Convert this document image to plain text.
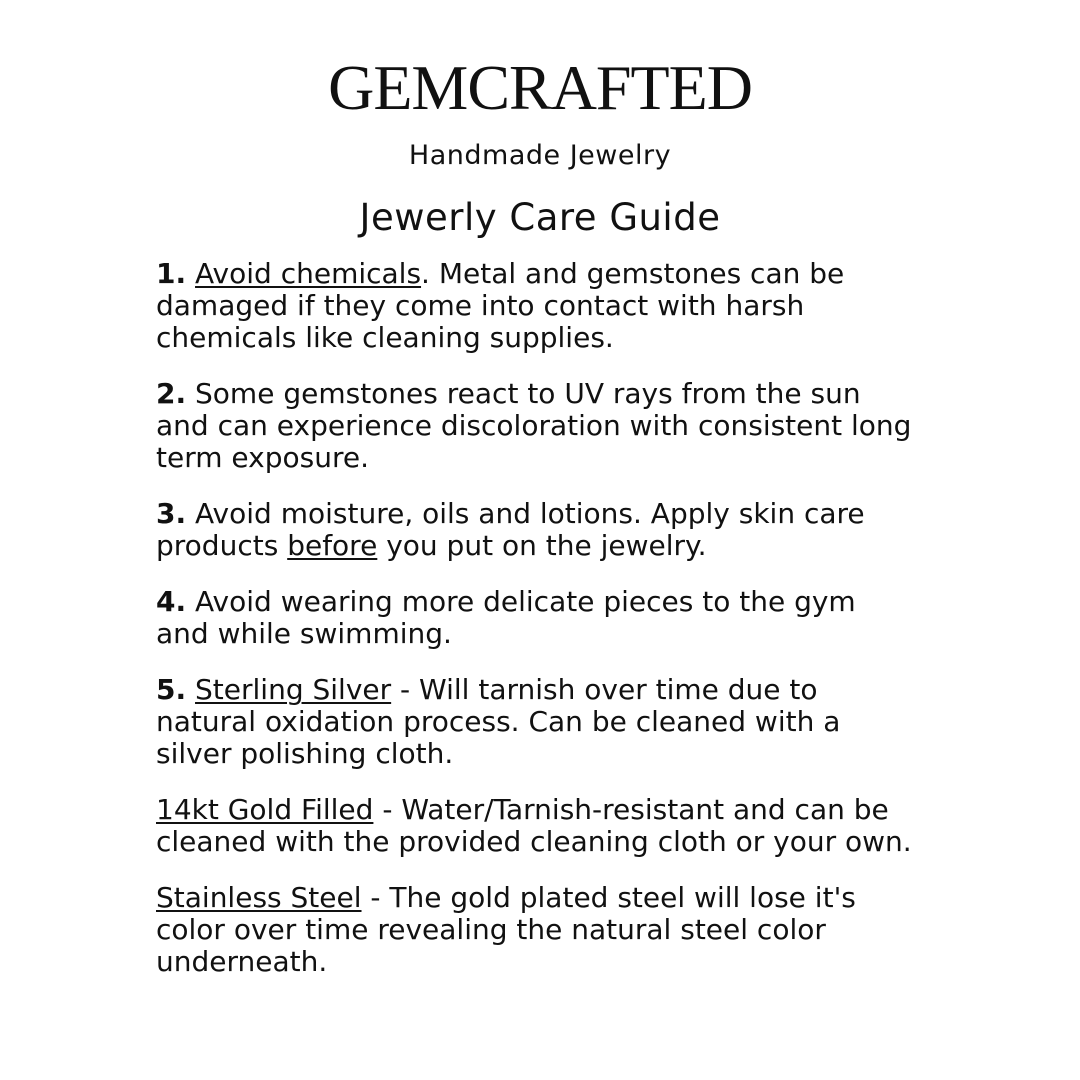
GEMCRAFTED
Handmade Jewelry
Jewerly Care Guide

1. Avoid chemicals. Metal and gemstones can be damaged if they come into contact with harsh chemicals like cleaning supplies.

2. Some gemstones react to UV rays from the sun and can experience discoloration with consistent long term exposure.

3. Avoid moisture, oils and lotions. Apply skin care products before you put on the jewelry.

4. Avoid wearing more delicate pieces to the gym and while swimming.

5. Sterling Silver - Will tarnish over time due to natural oxidation process. Can be cleaned with a silver polishing cloth.

14kt Gold Filled - Water/Tarnish-resistant and can be cleaned with the provided cleaning cloth or your own.

Stainless Steel - The gold plated steel will lose it's color over time revealing the natural steel color underneath.
